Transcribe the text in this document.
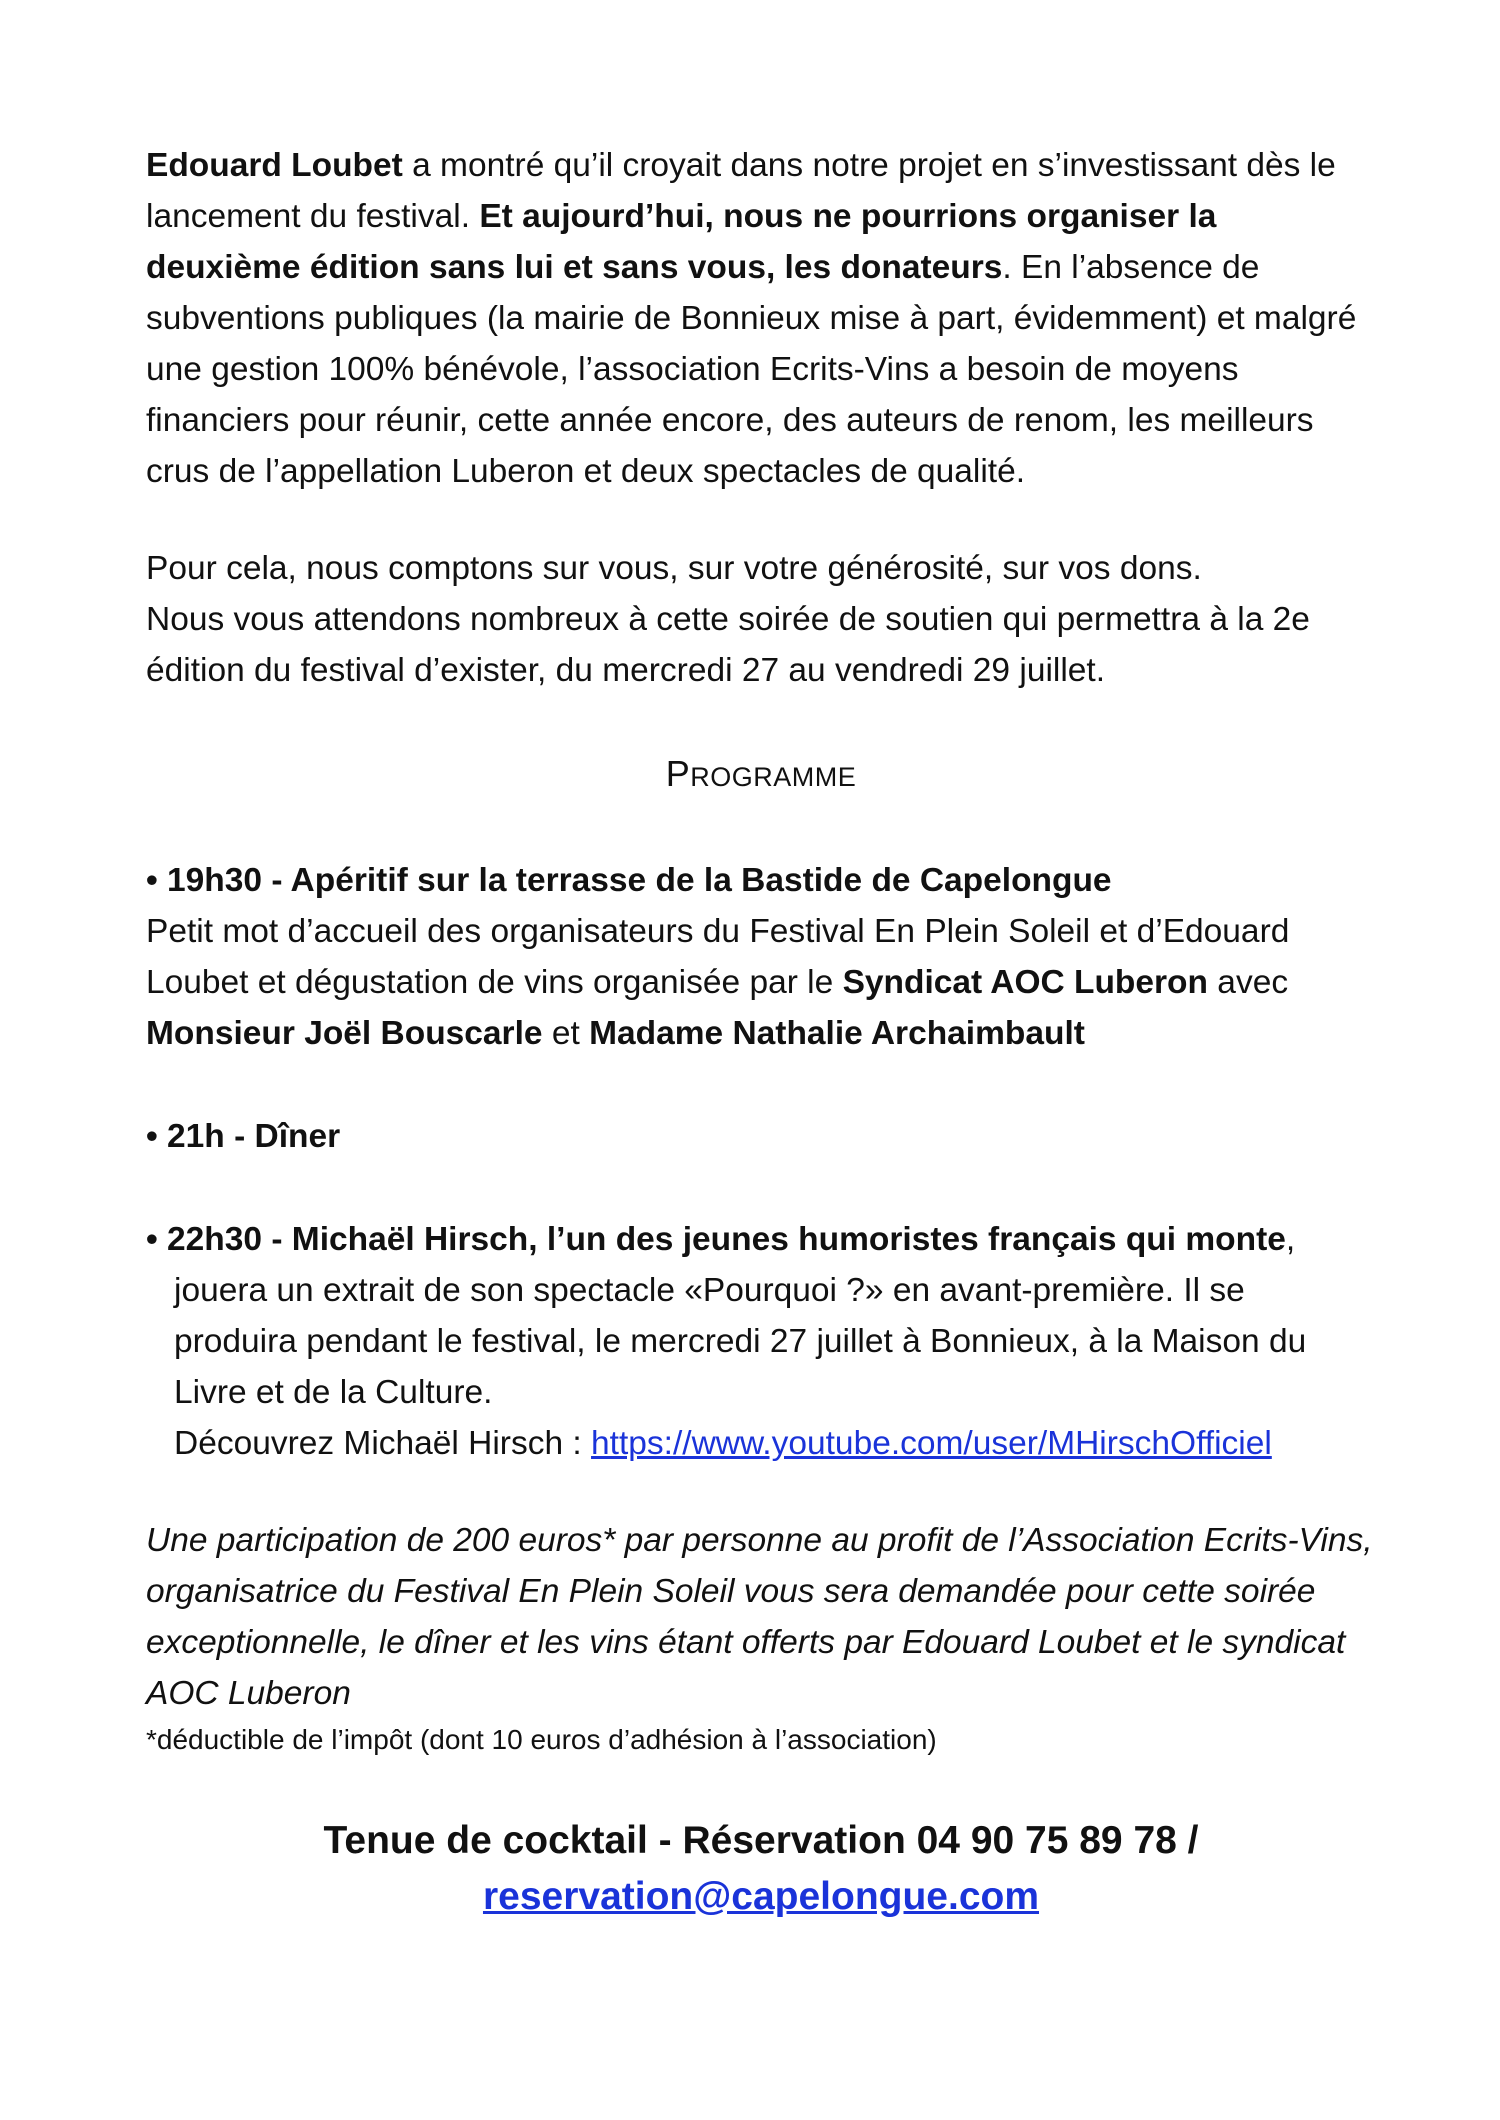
Edouard Loubet a montré qu’il croyait dans notre projet en s’investissant dès le lancement du festival. Et aujourd’hui, nous ne pourrions organiser la deuxième édition sans lui et sans vous, les donateurs. En l’absence de subventions publiques (la mairie de Bonnieux mise à part, évidemment) et malgré une gestion 100% bénévole, l’association Ecrits-Vins a besoin de moyens financiers pour réunir, cette année encore, des auteurs de renom, les meilleurs crus de l’appellation Luberon et deux spectacles de qualité.

Pour cela, nous comptons sur vous, sur votre générosité, sur vos dons.

Nous vous attendons nombreux à cette soirée de soutien qui permettra à la 2e édition du festival d’exister, du mercredi 27 au vendredi 29 juillet.

PROGRAMME

• 19h30 - Apéritif sur la terrasse de la Bastide de Capelongue

Petit mot d’accueil des organisateurs du Festival En Plein Soleil et d’Edouard Loubet et dégustation de vins organisée par le Syndicat AOC Luberon avec Monsieur Joël Bouscarle et Madame Nathalie Archaimbault

• 21h - Dîner

• 22h30 - Michaël Hirsch, l’un des jeunes humoristes français qui monte,

jouera un extrait de son spectacle «Pourquoi ?» en avant-première. Il se produira pendant le festival, le mercredi 27 juillet à Bonnieux, à la Maison du Livre et de la Culture.

Découvrez Michaël Hirsch : https://www.youtube.com/user/MHirschOfficiel

Une participation de 200 euros* par personne au profit de l’Association Ecrits-Vins, organisatrice du Festival En Plein Soleil vous sera demandée pour cette soirée exceptionnelle, le dîner et les vins étant offerts par Edouard Loubet et le syndicat AOC Luberon

*déductible de l’impôt (dont 10 euros d’adhésion à l’association)

Tenue de cocktail - Réservation 04 90 75 89 78 /

reservation@capelongue.com
